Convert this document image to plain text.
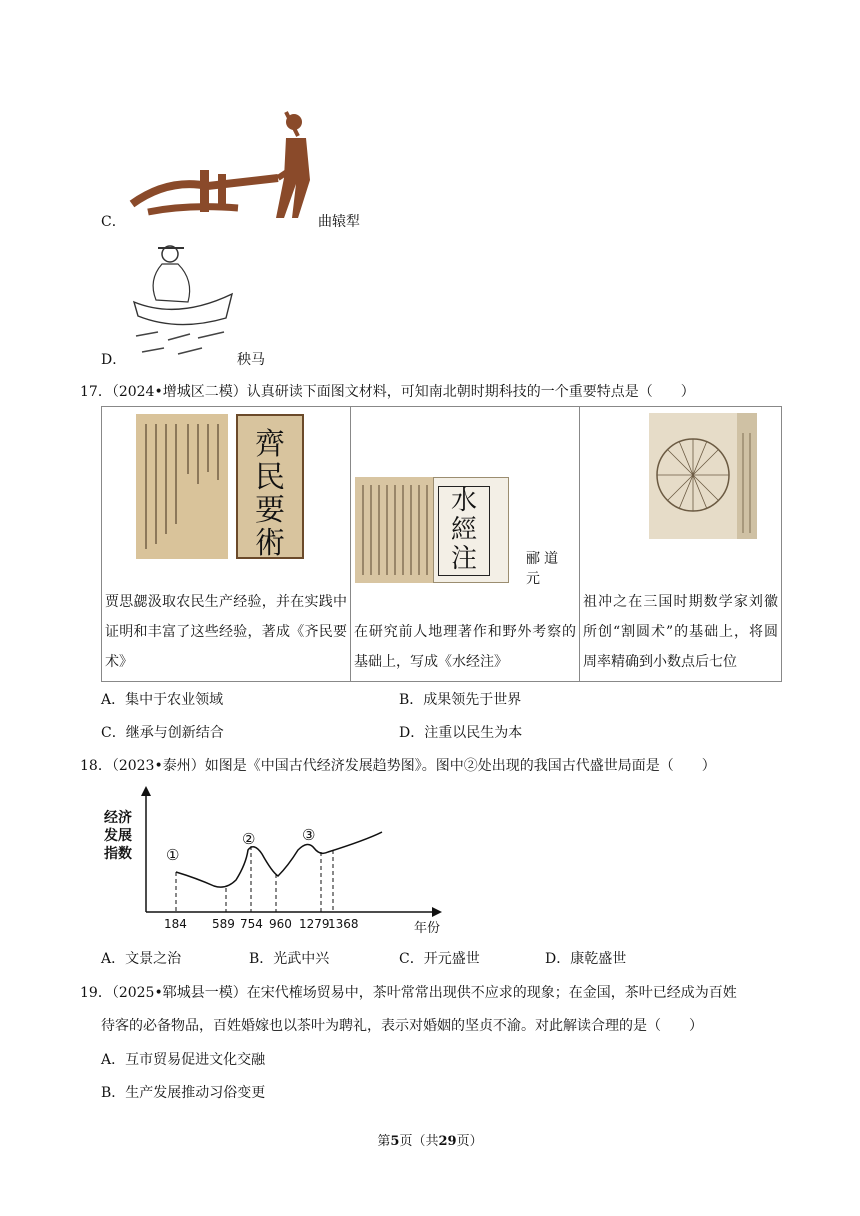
C．	曲辕犁
D．	秧马
17．（2024•增城区二模）认真研读下面图文材料，可知南北朝时期科技的一个重要特点是（　　）
齊民要術
贾思勰汲取农民生产经验，并在实践中证明和丰富了这些经验，著成《齐民要术》

水經注	郦道元
在研究前人地理著作和野外考察的基础上，写成《水经注》

祖冲之在三国时期数学家刘徽所创“割圆术”的基础上，将圆周率精确到小数点后七位
A．集中于农业领域	B．成果领先于世界
C．继承与创新结合	D．注重以民生为本
18．（2023•泰州）如图是《中国古代经济发展趋势图》。图中②处出现的我国古代盛世局面是（　　）
经济发展指数
年份
①
②	③
184 589 754 960 1279
1368
A．文景之治	B．光武中兴	C．开元盛世	D．康乾盛世
19．（2025•郓城县一模）在宋代榷场贸易中，茶叶常常出现供不应求的现象；在金国，茶叶已经成为百姓
待客的必备物品，百姓婚嫁也以茶叶为聘礼，表示对婚姻的坚贞不渝。对此解读合理的是（　　）
A．互市贸易促进文化交融
B．生产发展推动习俗变更
第5页（共29页）
